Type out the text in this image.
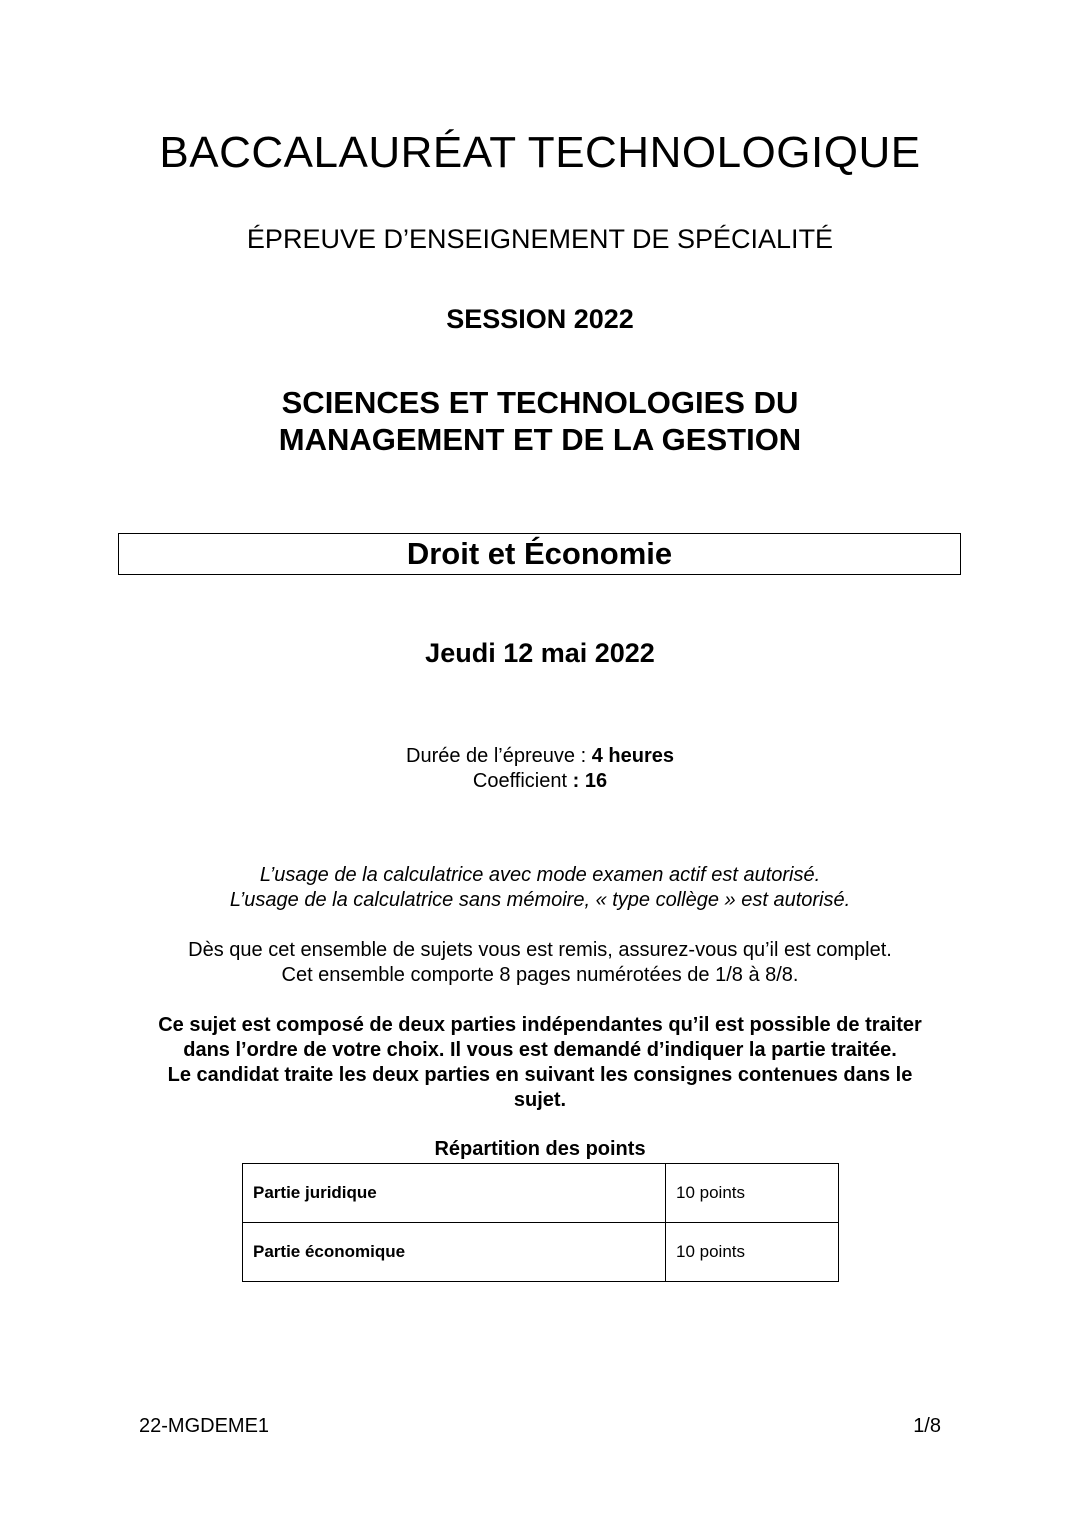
BACCALAURÉAT TECHNOLOGIQUE
ÉPREUVE D’ENSEIGNEMENT DE SPÉCIALITÉ
SESSION 2022
SCIENCES ET TECHNOLOGIES DU
MANAGEMENT ET DE LA GESTION
Droit et Économie
Jeudi 12 mai 2022
Durée de l’épreuve : 4 heures
Coefficient : 16
L’usage de la calculatrice avec mode examen actif est autorisé.
L’usage de la calculatrice sans mémoire, « type collège » est autorisé.
Dès que cet ensemble de sujets vous est remis, assurez-vous qu’il est complet.
Cet ensemble comporte 8 pages numérotées de 1/8 à 8/8.
Ce sujet est composé de deux parties indépendantes qu’il est possible de traiter
dans l’ordre de votre choix. Il vous est demandé d’indiquer la partie traitée.
Le candidat traite les deux parties en suivant les consignes contenues dans le
sujet.
Répartition des points
Partie juridique	10 points
Partie économique	10 points
22-MGDEME1	1/8
